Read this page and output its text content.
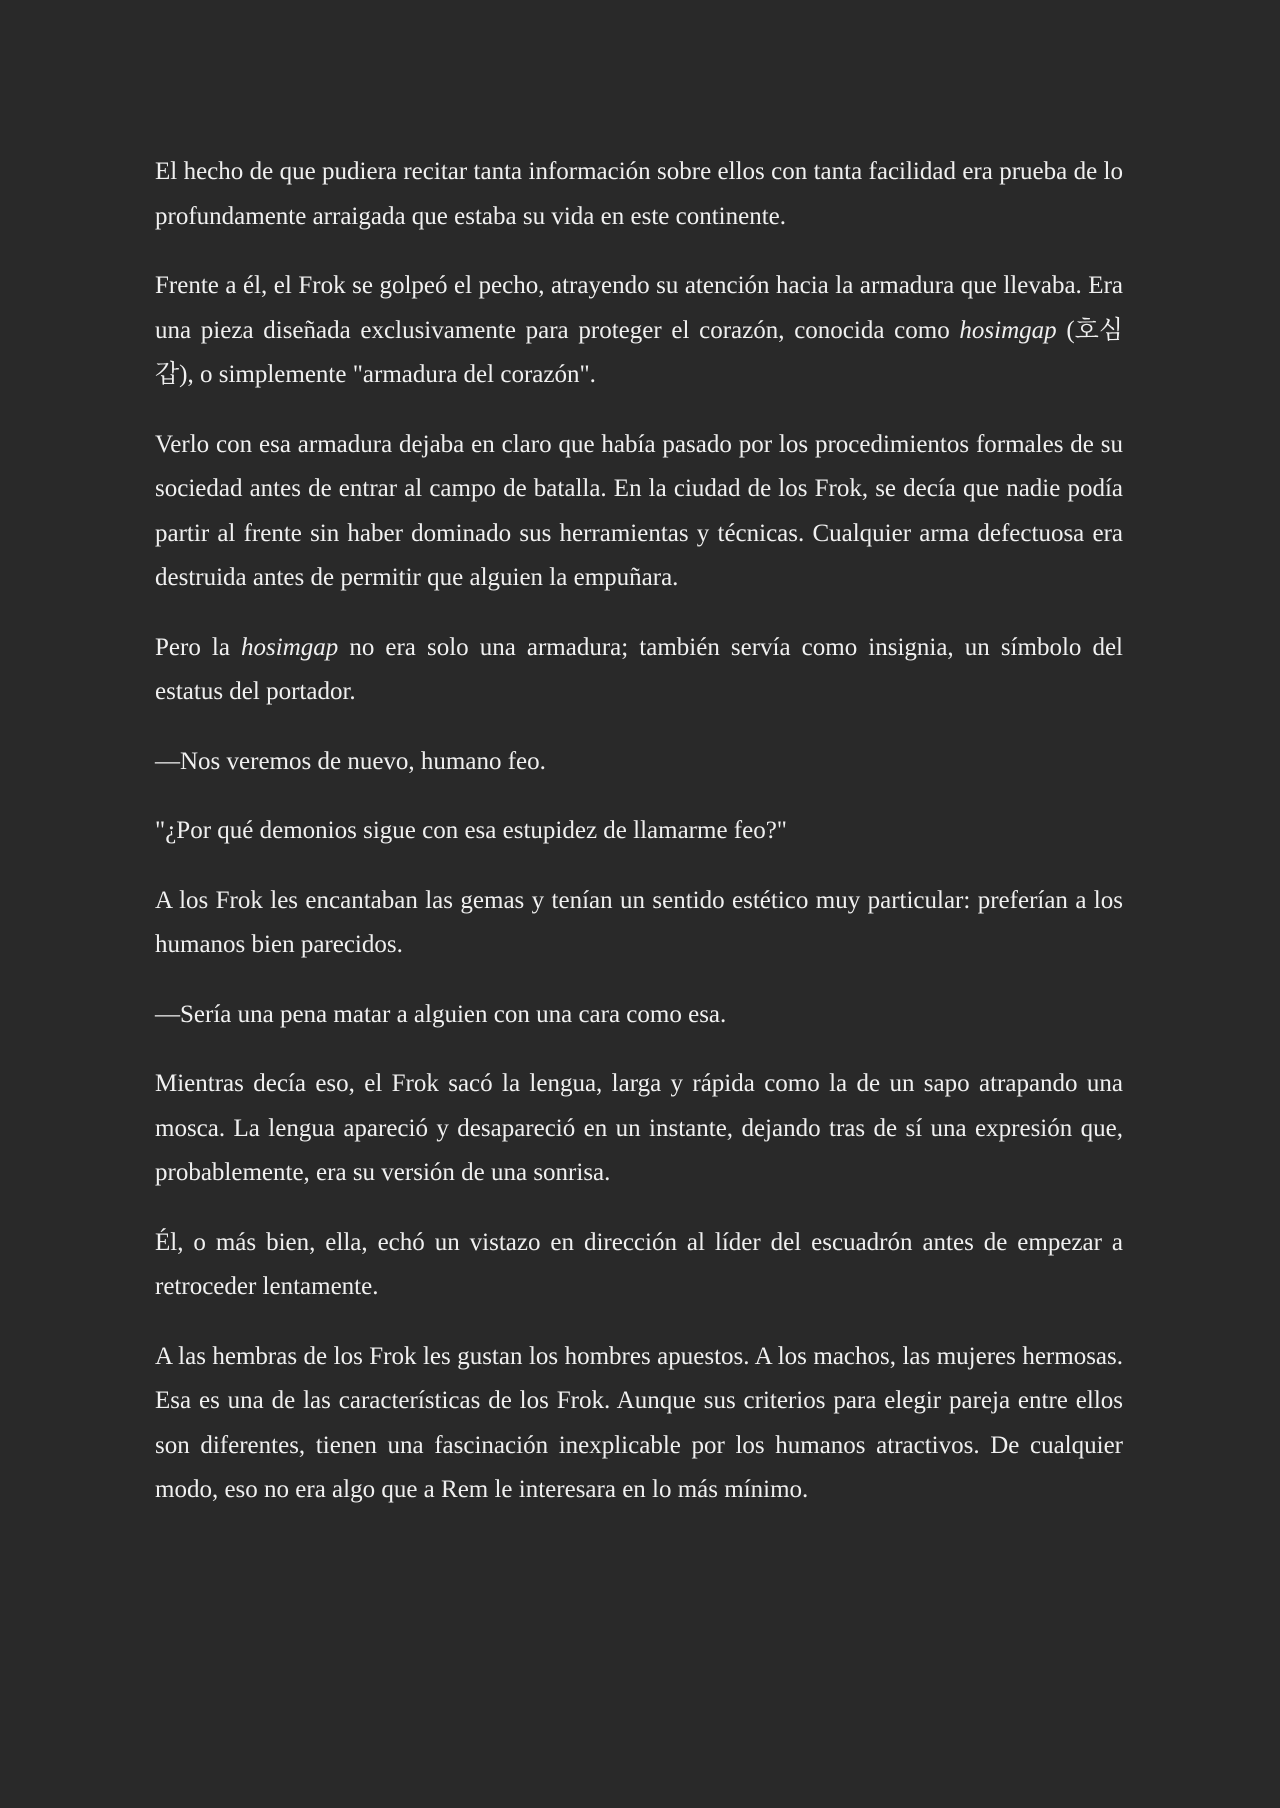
El hecho de que pudiera recitar tanta información sobre ellos con tanta facilidad era prueba de lo profundamente arraigada que estaba su vida en este continente.

Frente a él, el Frok se golpeó el pecho, atrayendo su atención hacia la armadura que llevaba. Era una pieza diseñada exclusivamente para proteger el corazón, conocida como hosimgap (호심갑), o simplemente "armadura del corazón".

Verlo con esa armadura dejaba en claro que había pasado por los procedimientos formales de su sociedad antes de entrar al campo de batalla. En la ciudad de los Frok, se decía que nadie podía partir al frente sin haber dominado sus herramientas y técnicas. Cualquier arma defectuosa era destruida antes de permitir que alguien la empuñara.

Pero la hosimgap no era solo una armadura; también servía como insignia, un símbolo del estatus del portador.

—Nos veremos de nuevo, humano feo.

"¿Por qué demonios sigue con esa estupidez de llamarme feo?"

A los Frok les encantaban las gemas y tenían un sentido estético muy particular: preferían a los humanos bien parecidos.

—Sería una pena matar a alguien con una cara como esa.

Mientras decía eso, el Frok sacó la lengua, larga y rápida como la de un sapo atrapando una mosca. La lengua apareció y desapareció en un instante, dejando tras de sí una expresión que, probablemente, era su versión de una sonrisa.

Él, o más bien, ella, echó un vistazo en dirección al líder del escuadrón antes de empezar a retroceder lentamente.

A las hembras de los Frok les gustan los hombres apuestos. A los machos, las mujeres hermosas. Esa es una de las características de los Frok. Aunque sus criterios para elegir pareja entre ellos son diferentes, tienen una fascinación inexplicable por los humanos atractivos. De cualquier modo, eso no era algo que a Rem le interesara en lo más mínimo.
